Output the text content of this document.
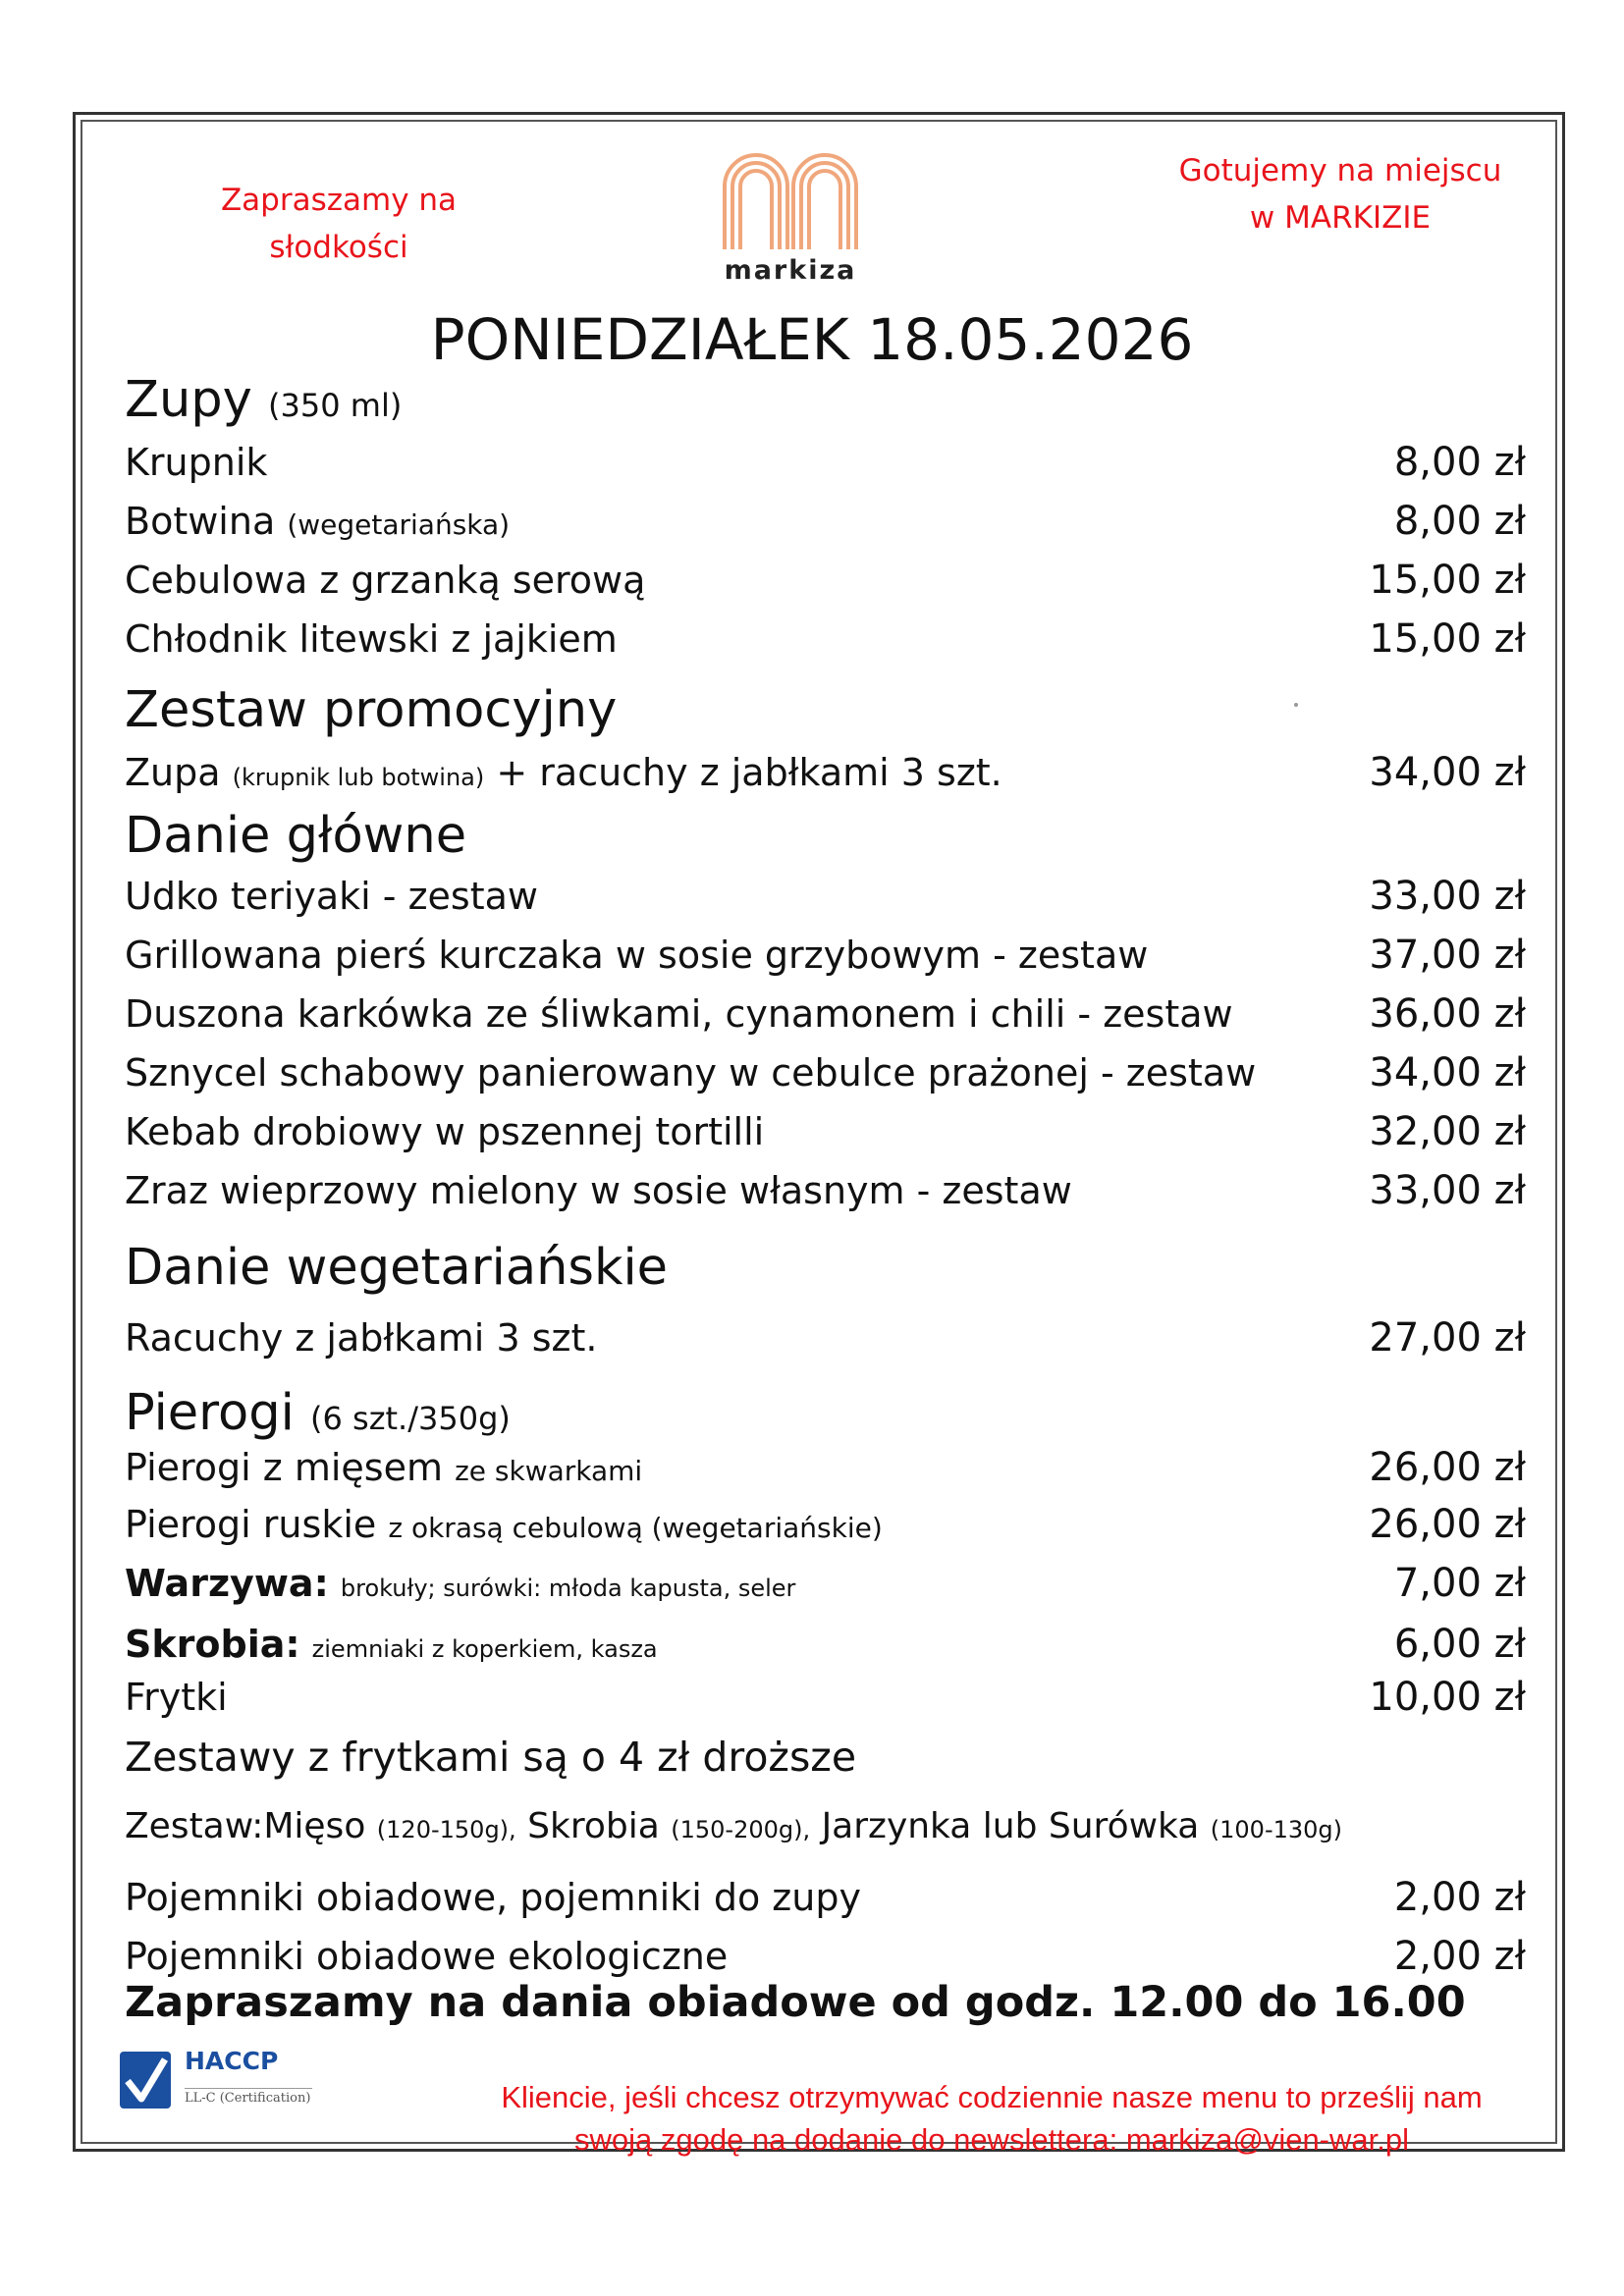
Zapraszamy na słodkości
Gotujemy na miejscu
w MARKIZIE
markiza
PONIEDZIAŁEK 18.05.2026
Zupy (350 ml)
Krupnik	8,00 zł
Botwina (wegetariańska)	8,00 zł
Cebulowa z grzanką serową	15,00 zł
Chłodnik litewski z jajkiem	15,00 zł
Zestaw promocyjny
Zupa (krupnik lub botwina) + racuchy z jabłkami 3 szt.	34,00 zł
Danie główne
Udko teriyaki - zestaw	33,00 zł
Grillowana pierś kurczaka w sosie grzybowym - zestaw	37,00 zł
Duszona karkówka ze śliwkami, cynamonem i chili - zestaw	36,00 zł
Sznycel schabowy panierowany w cebulce prażonej - zestaw	34,00 zł
Kebab drobiowy w pszennej tortilli	32,00 zł
Zraz wieprzowy mielony w sosie własnym - zestaw	33,00 zł
Danie wegetariańskie
Racuchy z jabłkami 3 szt.	27,00 zł
Pierogi (6 szt./350g)
Pierogi z mięsem ze skwarkami	26,00 zł
Pierogi ruskie z okrasą cebulową (wegetariańskie)	26,00 zł
Warzywa: brokuły; surówki: młoda kapusta, seler	7,00 zł
Skrobia: ziemniaki z koperkiem, kasza	6,00 zł
Frytki	10,00 zł
Zestawy z frytkami są o 4 zł droższe
Zestaw:Mięso (120-150g), Skrobia (150-200g), Jarzynka lub Surówka (100-130g)
Pojemniki obiadowe, pojemniki do zupy	2,00 zł
Pojemniki obiadowe ekologiczne	2,00 zł
Zapraszamy na dania obiadowe od godz. 12.00 do 16.00
HACCP
LL-C (Certification)	Kliencie, jeśli chcesz otrzymywać codziennie nasze menu to prześlij nam
swoją zgodę na dodanie do newslettera: markiza@vien-war.pl
